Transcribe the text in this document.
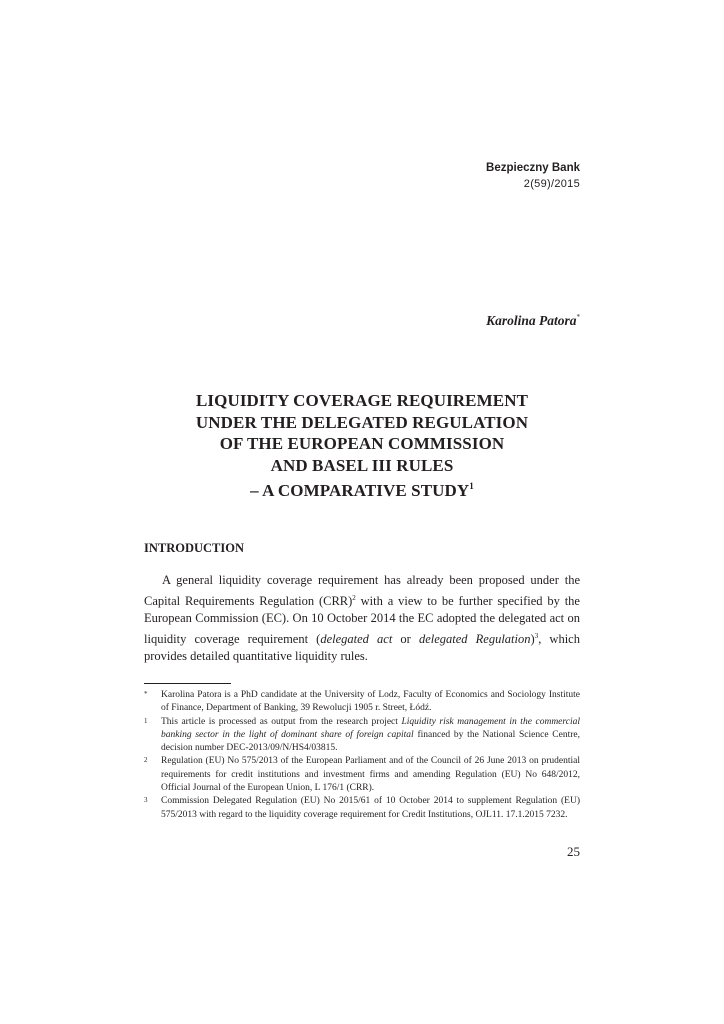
Bezpieczny Bank
2(59)/2015
Karolina Patora*
LIQUIDITY COVERAGE REQUIREMENT
UNDER THE DELEGATED REGULATION
OF THE EUROPEAN COMMISSION
AND BASEL III RULES
– A COMPARATIVE STUDY$^1$
INTRODUCTION

A general liquidity coverage requirement has already been proposed under the Capital Requirements Regulation (CRR)$^2$ with a view to be further specified by the European Commission (EC). On 10 October 2014 the EC adopted the delegated act on liquidity coverage requirement (delegated act or delegated Regulation)$^3$, which provides detailed quantitative liquidity rules.

* Karolina Patora is a PhD candidate at the University of Lodz, Faculty of Economics and Sociology Institute of Finance, Department of Banking, 39 Rewolucji 1905 r. Street, Łódź.

1 This article is processed as output from the research project Liquidity risk management in the commercial banking sector in the light of dominant share of foreign capital financed by the National Science Centre, decision number DEC-2013/09/N/HS4/03815.

2 Regulation (EU) No 575/2013 of the European Parliament and of the Council of 26 June 2013 on prudential requirements for credit institutions and investment firms and amending Regulation (EU) No 648/2012, Official Journal of the European Union, L 176/1 (CRR).

3 Commission Delegated Regulation (EU) No 2015/61 of 10 October 2014 to supplement Regulation (EU) 575/2013 with regard to the liquidity coverage requirement for Credit Institutions, OJL11. 17.1.2015 7232.

25
